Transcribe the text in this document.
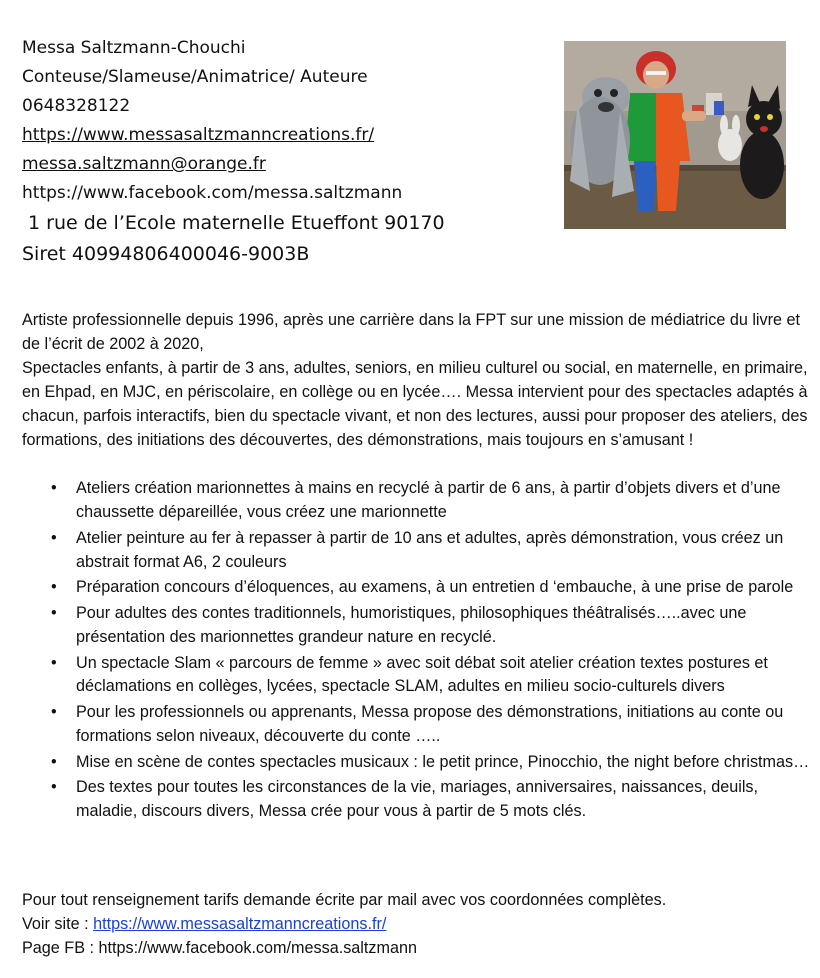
Messa Saltzmann-Chouchi
Conteuse/Slameuse/Animatrice/ Auteure
0648328122
https://www.messasaltzmanncreations.fr/
messa.saltzmann@orange.fr
https://www.facebook.com/messa.saltzmann
1 rue de l’Ecole maternelle Etueffont 90170
Siret 40994806400046-9003B

Artiste professionnelle depuis 1996, après une carrière dans la FPT sur une mission de médiatrice du livre et de l’écrit de 2002 à 2020,

Spectacles enfants, à partir de 3 ans, adultes, seniors, en milieu culturel ou social, en maternelle, en primaire, en Ehpad, en MJC, en périscolaire, en collège ou en lycée…. Messa intervient pour des spectacles adaptés à chacun, parfois interactifs, bien du spectacle vivant, et non des lectures, aussi pour proposer des ateliers, des formations, des initiations des découvertes, des démonstrations, mais toujours en s’amusant !

• Ateliers création marionnettes à mains en recyclé à partir de 6 ans, à partir d’objets divers et d’une chaussette dépareillée, vous créez une marionnette
• Atelier peinture au fer à repasser à partir de 10 ans et adultes, après démonstration, vous créez un abstrait format A6, 2 couleurs
• Préparation concours d’éloquences, au examens, à un entretien d ‘embauche, à une prise de parole
• Pour adultes des contes traditionnels, humoristiques, philosophiques théâtralisés…..avec une présentation des marionnettes grandeur nature en recyclé.
• Un spectacle Slam « parcours de femme » avec soit débat soit atelier création textes postures et déclamations en collèges, lycées, spectacle SLAM, adultes en milieu socio-culturels divers
• Pour les professionnels ou apprenants, Messa propose des démonstrations, initiations au conte ou formations selon niveaux, découverte du conte …..
• Mise en scène de contes spectacles musicaux : le petit prince, Pinocchio, the night before christmas…
• Des textes pour toutes les circonstances de la vie, mariages, anniversaires, naissances, deuils, maladie, discours divers, Messa crée pour vous à partir de 5 mots clés.

Pour tout renseignement tarifs demande écrite par mail avec vos coordonnées complètes.

Voir site : https://www.messasaltzmanncreations.fr/

Page FB : https://www.facebook.com/messa.saltzmann
